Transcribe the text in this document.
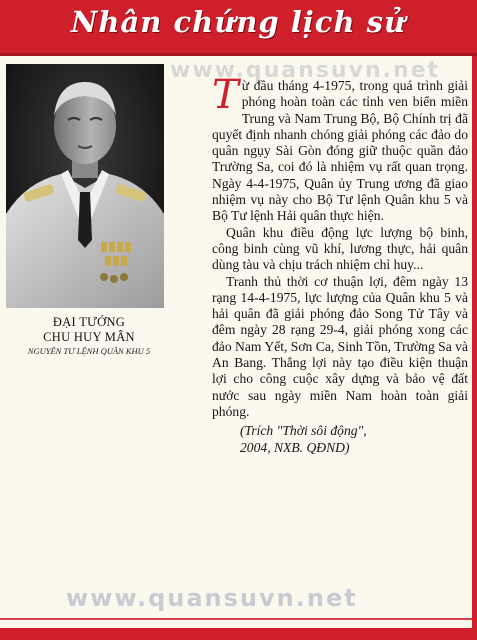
Nhân chứng lịch sử
www.quansuvn.net
ĐẠI TƯỚNG
CHU HUY MÂN
NGUYÊN TƯ LỆNH QUÂN KHU 5

Từ đầu tháng 4-1975, trong quá trình giải phóng hoàn toàn các tỉnh ven biển miền Trung và Nam Trung Bộ, Bộ Chính trị đã quyết định nhanh chóng giải phóng các đảo do quân ngụy Sài Gòn đóng giữ thuộc quần đảo Trường Sa, coi đó là nhiệm vụ rất quan trọng. Ngày 4-4-1975, Quân ủy Trung ương đã giao nhiệm vụ này cho Bộ Tư lệnh Quân khu 5 và Bộ Tư lệnh Hải quân thực hiện.

Quân khu điều động lực lượng bộ binh, công binh cùng vũ khí, lương thực, hải quân dùng tàu và chịu trách nhiệm chỉ huy...

Tranh thủ thời cơ thuận lợi, đêm ngày 13 rạng 14-4-1975, lực lượng của Quân khu 5 và hải quân đã giải phóng đảo Song Tử Tây và đêm ngày 28 rạng 29-4, giải phóng xong các đảo Nam Yết, Sơn Ca, Sinh Tồn, Trường Sa và An Bang. Thắng lợi này tạo điều kiện thuận lợi cho công cuộc xây dựng và bảo vệ đất nước sau ngày miền Nam hoàn toàn giải phóng.

(Trích "Thời sôi động",
2004, NXB. QĐND)
www.quansuvn.net
